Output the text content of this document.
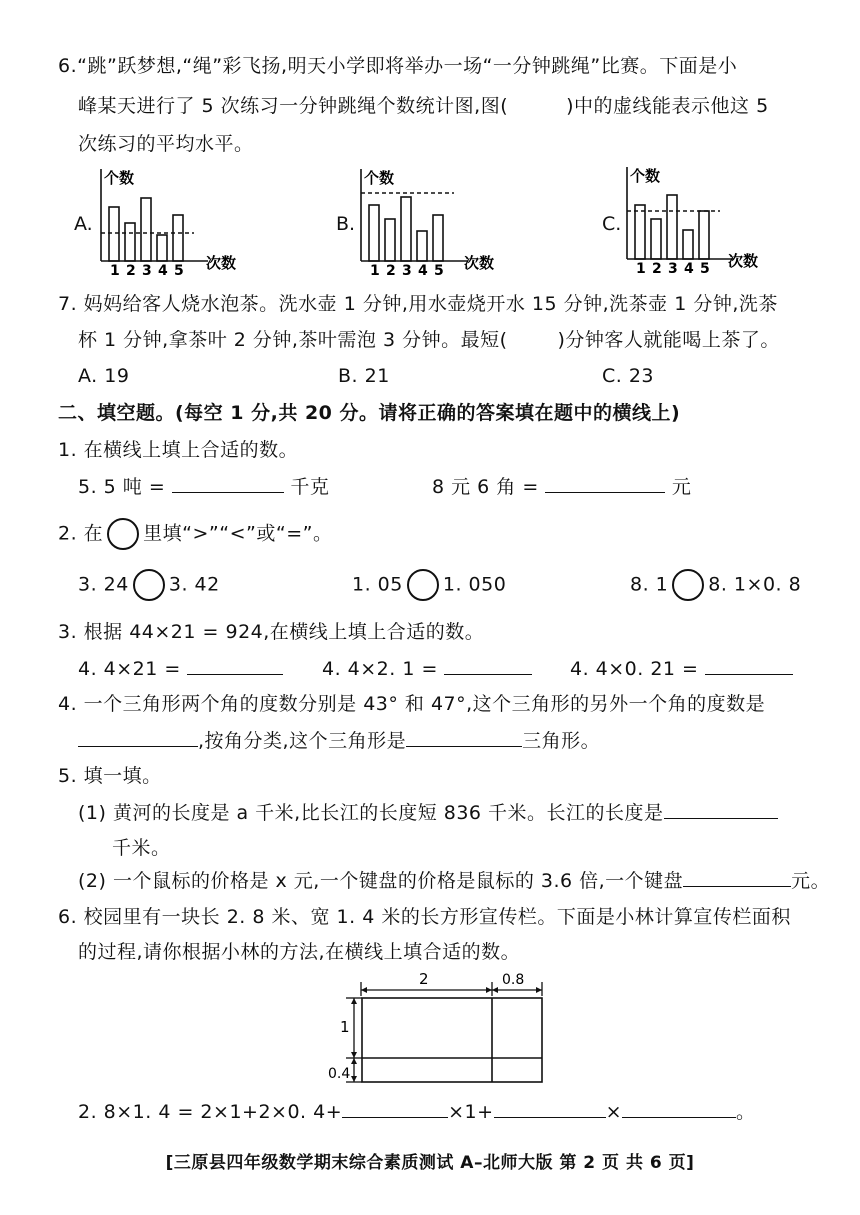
6.“跳”跃梦想,“绳”彩飞扬,明天小学即将举办一场“一分钟跳绳”比赛。下面是小
峰某天进行了 5 次练习一分钟跳绳个数统计图,图(	)中的虚线能表示他这 5
次练习的平均水平。
A.
个数
1 2 3 4 5 次数
B.
个数
1 2 3 4 5 次数
C.
个数
1 2 3 4 5 次数
7. 妈妈给客人烧水泡茶。洗水壶 1 分钟,用水壶烧开水 15 分钟,洗茶壶 1 分钟,洗茶
杯 1 分钟,拿茶叶 2 分钟,茶叶需泡 3 分钟。最短(	)分钟客人就能喝上茶了。
A. 19	B. 21	C. 23
二、填空题。(每空 1 分,共 20 分。请将正确的答案填在题中的横线上)
1. 在横线上填上合适的数。
5. 5 吨 =	千克	8 元 6 角 =	元
2. 在 里填“>”“<”或“=”。
3. 24 3. 42	1. 05 1. 050	8. 1 8. 1×0. 8
3. 根据 44×21 = 924,在横线上填上合适的数。
4. 4×21 =	4. 4×2. 1 =	4. 4×0. 21 =
4. 一个三角形两个角的度数分别是 43° 和 47°,这个三角形的另外一个角的度数是
,按角分类,这个三角形是	三角形。
5. 填一填。
(1) 黄河的长度是 a 千米,比长江的长度短 836 千米。长江的长度是
千米。
(2) 一个鼠标的价格是 x 元,一个键盘的价格是鼠标的 3.6 倍,一个键盘	元。
6. 校园里有一块长 2. 8 米、宽 1. 4 米的长方形宣传栏。下面是小林计算宣传栏面积
的过程,请你根据小林的方法,在横线上填合适的数。
2	0.8
1
0.4
2. 8×1. 4 = 2×1+2×0. 4+	×1+	×	。
[三原县四年级数学期末综合素质测试 A–北师大版 第 2 页 共 6 页]
